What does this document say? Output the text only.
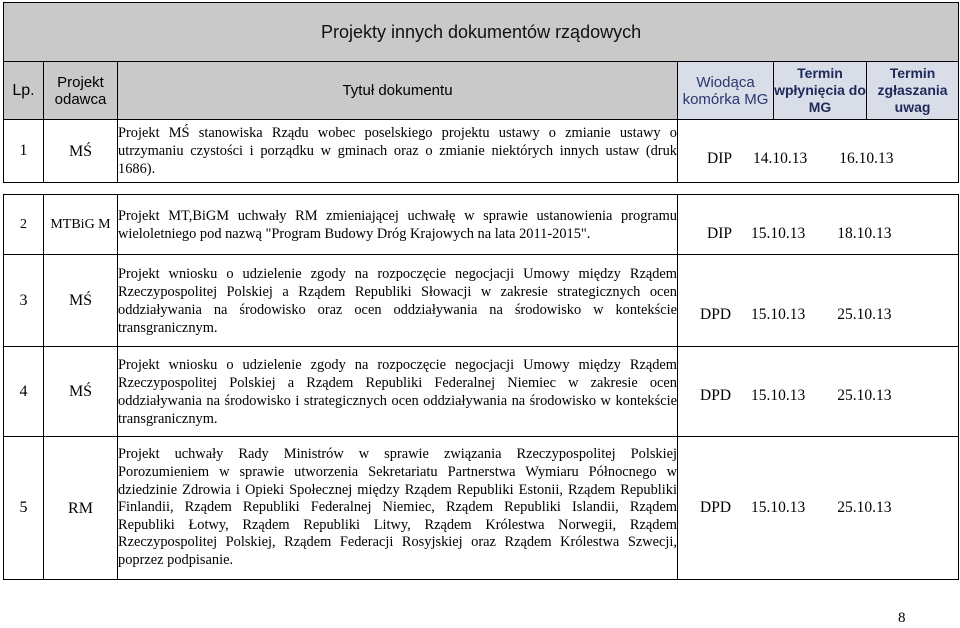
Projekty innych dokumentów rządowych					
Lp.	Projekt odawca	Tytuł dokumentu	Wiodąca komórka MG	Termin wpłynięcia do MG	Termin zgłaszania uwag
1	MŚ	Projekt MŚ stanowiska Rządu wobec poselskiego projektu ustawy o zmianie ustawy o utrzymaniu czystości i porządku w gminach oraz o zmianie niektórych innych ustaw (druk 1686).	DIP 14.10.13 16.10.13		

2	MTBiG M	Projekt MT,BiGM uchwały RM zmieniającej uchwałę w sprawie ustanowienia programu wieloletniego pod nazwą "Program Budowy Dróg Krajowych na lata 2011-2015".	DIP 15.10.13 18.10.13		
3	MŚ	Projekt wniosku o udzielenie zgody na rozpoczęcie negocjacji Umowy między Rządem Rzeczypospolitej Polskiej a Rządem Republiki Słowacji w zakresie strategicznych ocen oddziaływania na środowisko oraz ocen oddziaływania na środowisko w kontekście transgranicznym.	DPD 15.10.13 25.10.13		
4	MŚ	Projekt wniosku o udzielenie zgody na rozpoczęcie negocjacji Umowy między Rządem Rzeczypospolitej Polskiej a Rządem Republiki Federalnej Niemiec w zakresie ocen oddziaływania na środowisko i strategicznych ocen oddziaływania na środowisko w kontekście transgranicznym.	DPD 15.10.13 25.10.13		
5	RM	Projekt uchwały Rady Ministrów w sprawie związania Rzeczypospolitej Polskiej Porozumieniem w sprawie utworzenia Sekretariatu Partnerstwa Wymiaru Północnego w dziedzinie Zdrowia i Opieki Społecznej między Rządem Republiki Estonii, Rządem Republiki Finlandii, Rządem Republiki Federalnej Niemiec, Rządem Republiki Islandii, Rządem Republiki Łotwy, Rządem Republiki Litwy, Rządem Królestwa Norwegii, Rządem Rzeczypospolitej Polskiej, Rządem Federacji Rosyjskiej oraz Rządem Królestwa Szwecji, poprzez podpisanie.	DPD 15.10.13 25.10.13		
8
